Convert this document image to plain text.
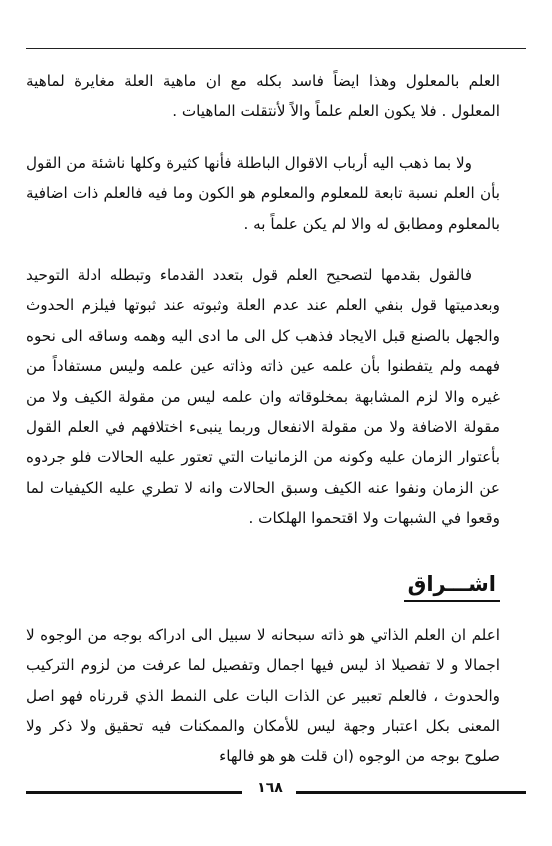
العلم بالمعلول وهذا ايضاً فاسد بكله مع ان ماهية العلة مغايرة لماهية المعلول . فلا يكون العلم علماً والاً لأنتقلت الماهيات .

ولا بما ذهب اليه أرباب الاقوال الباطلة فأنها كثيرة وكلها ناشئة من القول بأن العلم نسبة تابعة للمعلوم والمعلوم هو الكون وما فيه فالعلم ذات اضافية بالمعلوم ومطابق له والا لم يكن علماً به .

فالقول بقدمها لتصحيح العلم قول بتعدد القدماء وتبطله ادلة التوحيد وبعدميتها قول بنفي العلم عند عدم العلة وثبوته عند ثبوتها فيلزم الحدوث والجهل بالصنع قبل الايجاد فذهب كل الى ما ادى اليه وهمه وساقه الى نحوه فهمه ولم يتفطنوا بأن علمه عين ذاته وذاته عين علمه وليس مستفاداً من غيره والا لزم المشابهة بمخلوقاته وان علمه ليس من مقولة الكيف ولا من مقولة الاضافة ولا من مقولة الانفعال وربما ينبىء اختلافهم في العلم القول بأعتوار الزمان عليه وكونه من الزمانيات التي تعتور عليه الحالات فلو جردوه عن الزمان ونفوا عنه الكيف وسبق الحالات وانه لا تطري عليه الكيفيات لما وقعوا في الشبهات ولا اقتحموا الهلكات .

اشـــراق

اعلم ان العلم الذاتي هو ذاته سبحانه لا سبيل الى ادراكه بوجه من الوجوه لا اجمالا و لا تفصيلا اذ ليس فيها اجمال وتفصيل لما عرفت من لزوم التركيب والحدوث ، فالعلم تعبير عن الذات البات على النمط الذي قررناه فهو اصل المعنى بكل اعتبار وجهة ليس للأمكان والممكنات فيه تحقيق ولا ذكر ولا صلوح بوجه من الوجوه (ان قلت هو هو فالهاء

١٦٨
